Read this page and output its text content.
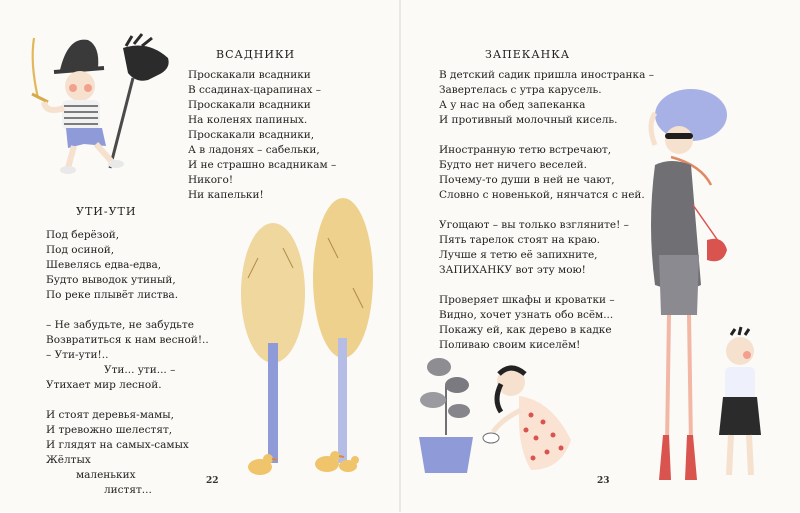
ВСАДНИКИ
Проскакали всадники
В ссадинах-царапинах –
Проскакали всадники
На коленях папиных.
Проскакали всадники,
А в ладонях – сабельки,
И не страшно всадникам –
Никого!
Ни капельки!
УТИ-УТИ
Под берёзой,
Под осиной,
Шевелясь едва-едва,
Будто выводок утиный,
По реке плывёт листва.
– Не забудьте, не забудьте
Возвратиться к нам весной!..
– Ути-ути!..
Ути... ути... –
Утихает мир лесной.
И стоят деревья-мамы,
И тревожно шелестят,
И глядят на самых-самых
Жёлтых
маленьких
листят...
22
ЗАПЕКАНКА
В детский садик пришла иностранка –
Завертелась с утра карусель.
А у нас на обед запеканка
И противный молочный кисель.
Иностранную тетю встречают,
Будто нет ничего веселей.
Почему-то души в ней не чают,
Словно с новенькой, нянчатся с ней.
Угощают – вы только взгляните! –
Пять тарелок стоят на краю.
Лучше я тетю её запихните,
ЗАПИХАНКУ вот эту мою!
Проверяет шкафы и кроватки –
Видно, хочет узнать обо всём...
Покажу ей, как дерево в кадке
Поливаю своим киселём!
23
